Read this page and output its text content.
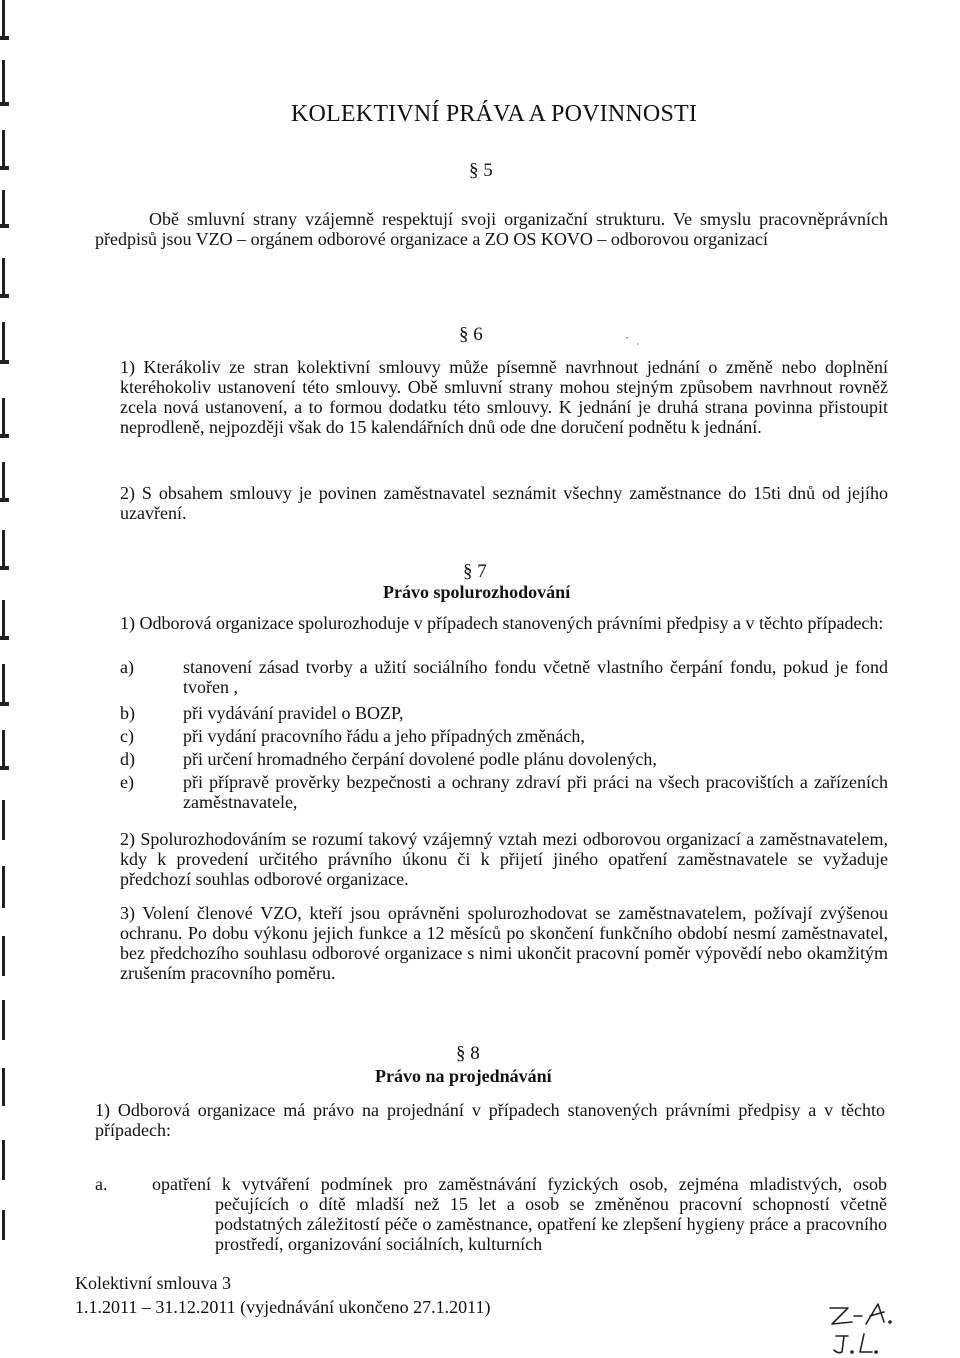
KOLEKTIVNÍ PRÁVA A POVINNOSTI
§ 5
Obě smluvní strany vzájemně respektují svoji organizační strukturu. Ve smyslu pracovněprávních předpisů jsou VZO – orgánem odborové organizace a ZO OS KOVO – odborovou organizací
§ 6	·  ˌ
1) Kterákoliv ze stran kolektivní smlouvy může písemně navrhnout jednání o změně nebo doplnění kteréhokoliv ustanovení této smlouvy. Obě smluvní strany mohou stejným způsobem navrhnout rovněž zcela nová ustanovení, a to formou dodatku této smlouvy. K jednání je druhá strana povinna přistoupit neprodleně, nejpozději však do 15 kalendářních dnů ode dne doručení podnětu k jednání.
2) S obsahem smlouvy je povinen zaměstnavatel seznámit všechny zaměstnance do 15ti dnů od jejího uzavření.
§ 7
Právo spolurozhodování
1) Odborová organizace spolurozhoduje v případech stanovených právními předpisy a v těchto případech:
a)	stanovení zásad tvorby a užití sociálního fondu včetně vlastního čerpání fondu, pokud je fond tvořen ,
b)	při vydávání pravidel o BOZP,
c)	při vydání pracovního řádu a jeho případných změnách,
d)	při určení hromadného čerpání dovolené podle plánu dovolených,
e)	při přípravě prověrky bezpečnosti a ochrany zdraví při práci na všech pracovištích a zařízeních zaměstnavatele,
2) Spolurozhodováním se rozumí takový vzájemný vztah mezi odborovou organizací a zaměstnavatelem, kdy k provedení určitého právního úkonu či k přijetí jiného opatření zaměstnavatele se vyžaduje předchozí souhlas odborové organizace.
3) Volení členové VZO, kteří jsou oprávněni spolurozhodovat se zaměstnavatelem, požívají zvýšenou ochranu. Po dobu výkonu jejich funkce a 12 měsíců po skončení funkčního období nesmí zaměstnavatel, bez předchozího souhlasu odborové organizace s nimi ukončit pracovní poměr výpovědí nebo okamžitým zrušením pracovního poměru.
§ 8
Právo na projednávání
1) Odborová organizace má právo na projednání v případech stanovených právními předpisy a v těchto případech:
a. opatření k vytváření podmínek pro zaměstnávání fyzických osob, zejména mladistvých, osob pečujících o dítě mladší než 15 let a osob se změněnou pracovní schopností včetně podstatných záležitostí péče o zaměstnance, opatření ke zlepšení hygieny práce a pracovního prostředí, organizování sociálních, kulturních
Kolektivní smlouva 3
1.1.2011 – 31.12.2011 (vyjednávání ukončeno 27.1.2011)
